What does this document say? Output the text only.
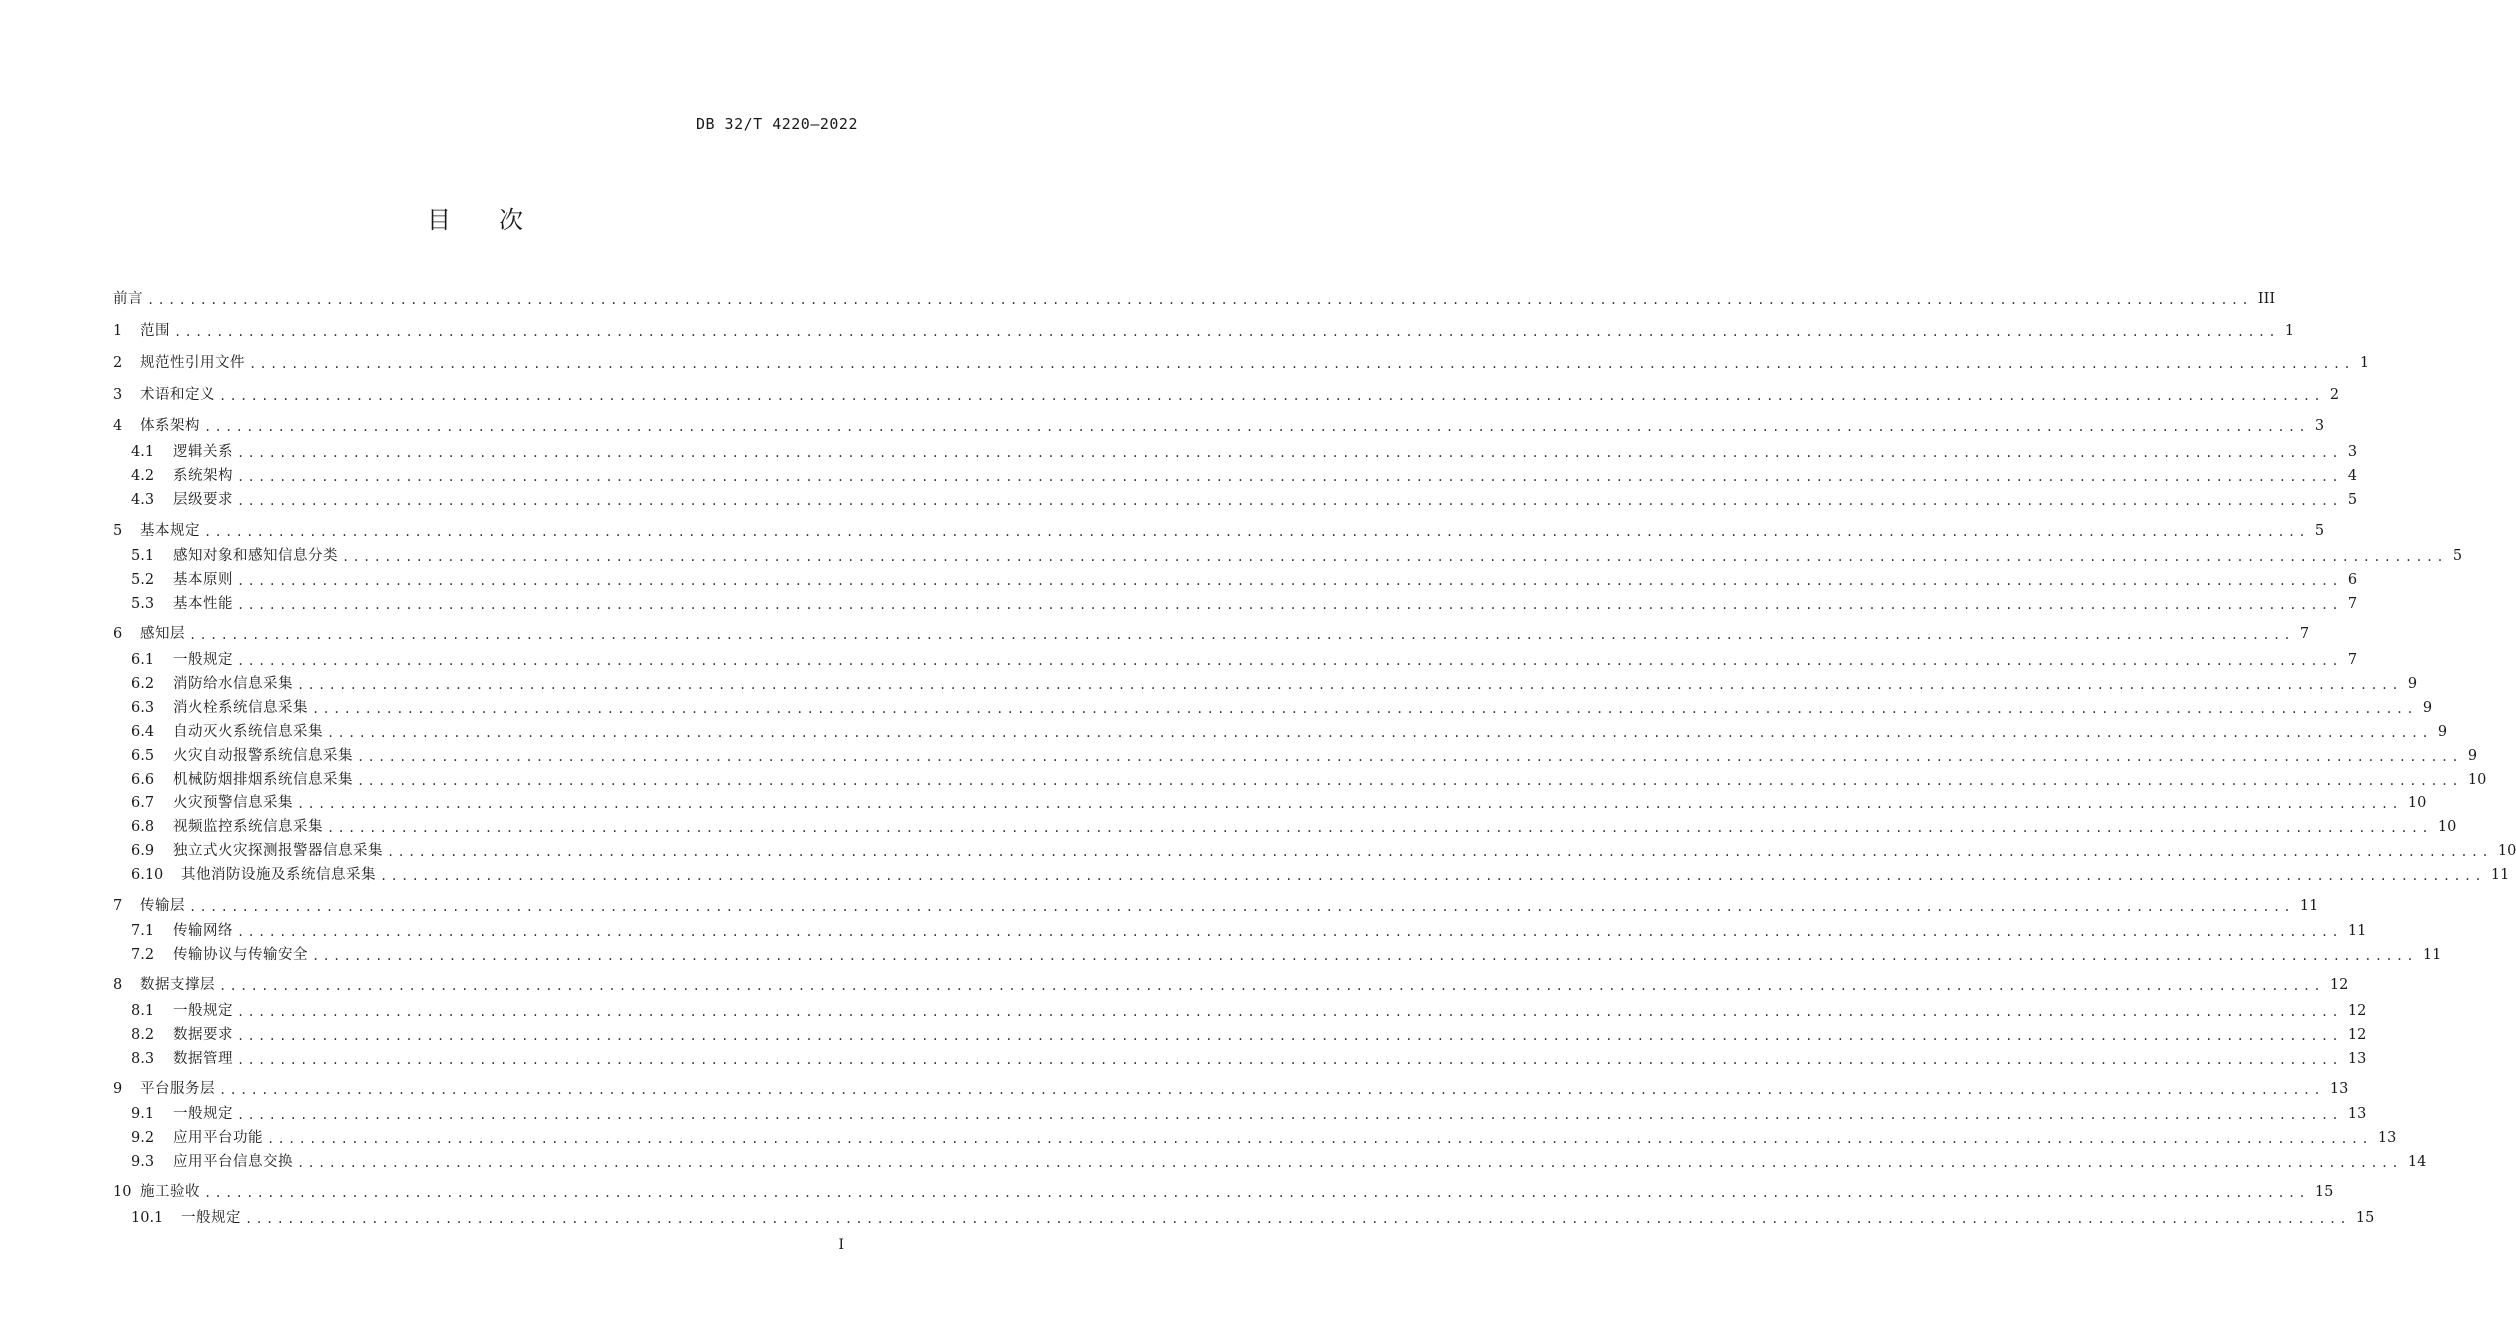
DB 32/T 4220—2022
目次
前言 ........................................................................................................................................................................................................ III
1	范围 ........................................................................................................................................................................................................ 1
2	规范性引用文件 ........................................................................................................................................................................................................ 1
3	术语和定义 ........................................................................................................................................................................................................ 2
4	体系架构 ........................................................................................................................................................................................................ 3
4.1	逻辑关系 ........................................................................................................................................................................................................ 3
4.2	系统架构 ........................................................................................................................................................................................................ 4
4.3	层级要求 ........................................................................................................................................................................................................ 5
5	基本规定 ........................................................................................................................................................................................................ 5
5.1	感知对象和感知信息分类 ........................................................................................................................................................................................................ 5
5.2	基本原则 ........................................................................................................................................................................................................ 6
5.3	基本性能 ........................................................................................................................................................................................................ 7
6	感知层 ........................................................................................................................................................................................................ 7
6.1	一般规定 ........................................................................................................................................................................................................ 7
6.2	消防给水信息采集 ........................................................................................................................................................................................................ 9
6.3	消火栓系统信息采集 ........................................................................................................................................................................................................ 9
6.4	自动灭火系统信息采集 ........................................................................................................................................................................................................ 9
6.5	火灾自动报警系统信息采集 ........................................................................................................................................................................................................ 9
6.6	机械防烟排烟系统信息采集 ........................................................................................................................................................................................................ 10
6.7	火灾预警信息采集 ........................................................................................................................................................................................................ 10
6.8	视频监控系统信息采集 ........................................................................................................................................................................................................ 10
6.9	独立式火灾探测报警器信息采集 ........................................................................................................................................................................................................ 10
6.10	其他消防设施及系统信息采集 ........................................................................................................................................................................................................ 11
7	传输层 ........................................................................................................................................................................................................ 11
7.1	传输网络 ........................................................................................................................................................................................................ 11
7.2	传输协议与传输安全 ........................................................................................................................................................................................................ 11
8	数据支撑层 ........................................................................................................................................................................................................ 12
8.1	一般规定 ........................................................................................................................................................................................................ 12
8.2	数据要求 ........................................................................................................................................................................................................ 12
8.3	数据管理 ........................................................................................................................................................................................................ 13
9	平台服务层 ........................................................................................................................................................................................................ 13
9.1	一般规定 ........................................................................................................................................................................................................ 13
9.2	应用平台功能 ........................................................................................................................................................................................................ 13
9.3	应用平台信息交换 ........................................................................................................................................................................................................ 14
10 施工验收 ........................................................................................................................................................................................................ 15
10.1	一般规定 ........................................................................................................................................................................................................ 15
I
